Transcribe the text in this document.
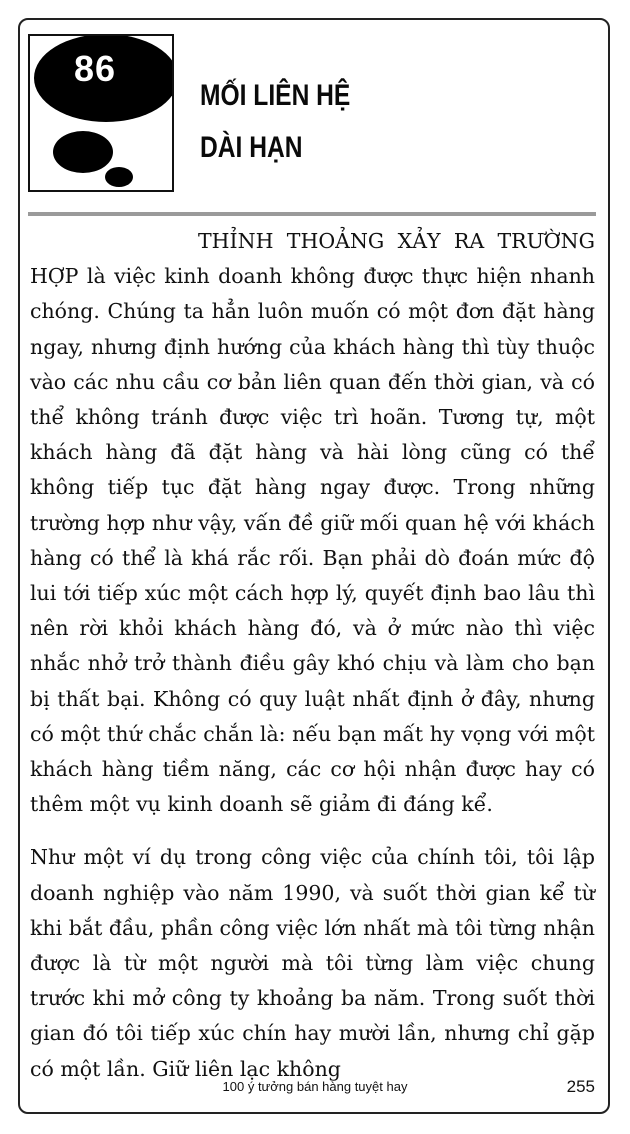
86
MỐI LIÊN HỆ
DÀI HẠN

THỈNH THOẢNG XẢY RA TRƯỜNG HỢP là việc kinh doanh không được thực hiện nhanh chóng. Chúng ta hẳn luôn muốn có một đơn đặt hàng ngay, nhưng định hướng của khách hàng thì tùy thuộc vào các nhu cầu cơ bản liên quan đến thời gian, và có thể không tránh được việc trì hoãn. Tương tự, một khách hàng đã đặt hàng và hài lòng cũng có thể không tiếp tục đặt hàng ngay được. Trong những trường hợp như vậy, vấn đề giữ mối quan hệ với khách hàng có thể là khá rắc rối. Bạn phải dò đoán mức độ lui tới tiếp xúc một cách hợp lý, quyết định bao lâu thì nên rời khỏi khách hàng đó, và ở mức nào thì việc nhắc nhở trở thành điều gây khó chịu và làm cho bạn bị thất bại. Không có quy luật nhất định ở đây, nhưng có một thứ chắc chắn là: nếu bạn mất hy vọng với một khách hàng tiềm năng, các cơ hội nhận được hay có thêm một vụ kinh doanh sẽ giảm đi đáng kể.

Như một ví dụ trong công việc của chính tôi, tôi lập doanh nghiệp vào năm 1990, và suốt thời gian kể từ khi bắt đầu, phần công việc lớn nhất mà tôi từng nhận được là từ một người mà tôi từng làm việc chung trước khi mở công ty khoảng ba năm. Trong suốt thời gian đó tôi tiếp xúc chín hay mười lần, nhưng chỉ gặp có một lần. Giữ liên lạc không

100 ý tưởng bán hàng tuyệt hay	255
